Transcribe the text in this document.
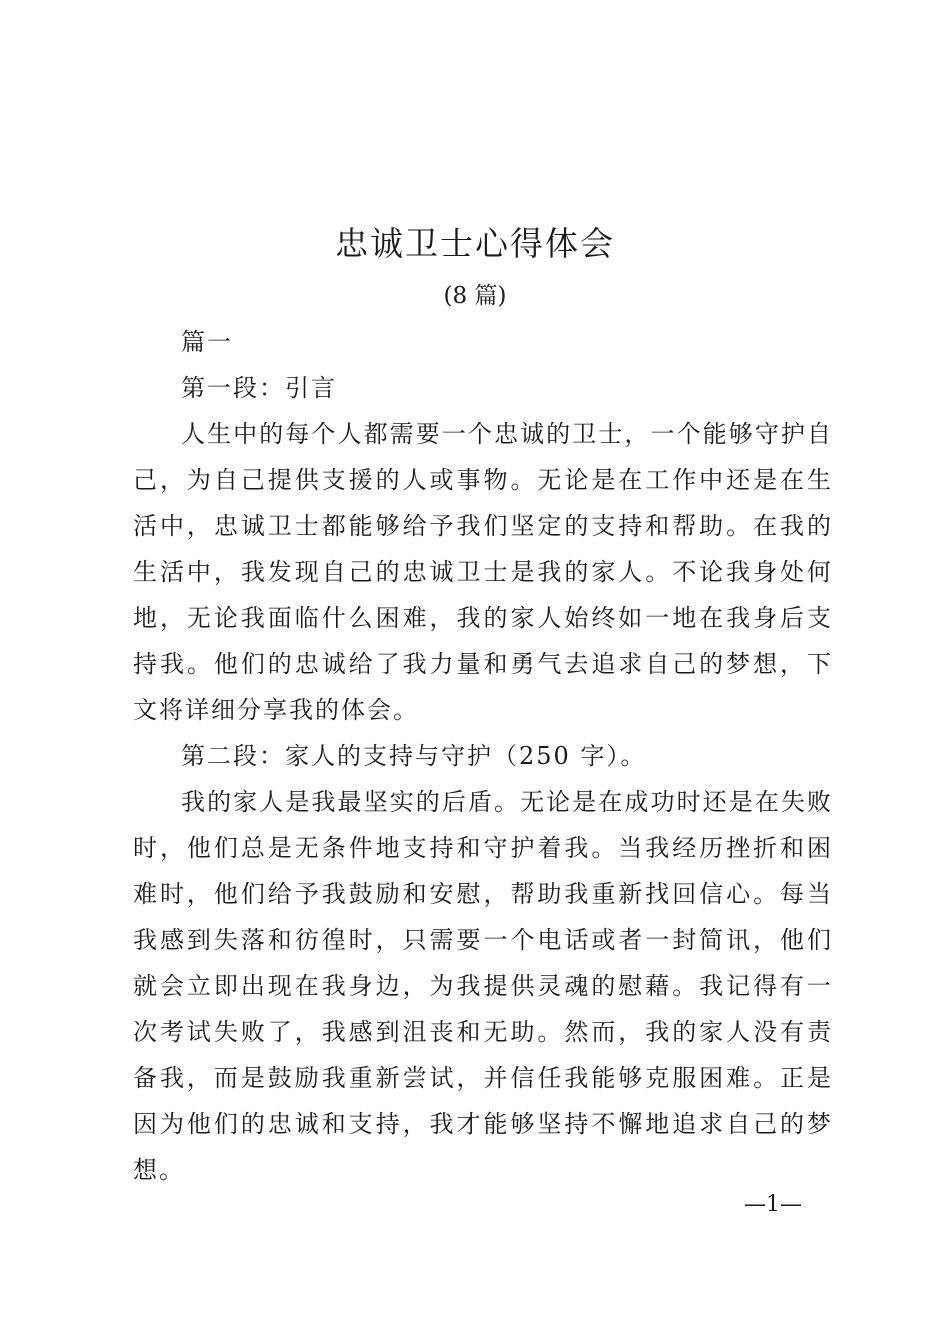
忠诚卫士心得体会
(8 篇)

篇一

第一段：引言

人生中的每个人都需要一个忠诚的卫士，一个能够守护自己，为自己提供支援的人或事物。无论是在工作中还是在生活中，忠诚卫士都能够给予我们坚定的支持和帮助。在我的生活中，我发现自己的忠诚卫士是我的家人。不论我身处何地，无论我面临什么困难，我的家人始终如一地在我身后支持我。他们的忠诚给了我力量和勇气去追求自己的梦想，下文将详细分享我的体会。

第二段：家人的支持与守护（250 字）。

我的家人是我最坚实的后盾。无论是在成功时还是在失败时，他们总是无条件地支持和守护着我。当我经历挫折和困难时，他们给予我鼓励和安慰，帮助我重新找回信心。每当我感到失落和彷徨时，只需要一个电话或者一封简讯，他们就会立即出现在我身边，为我提供灵魂的慰藉。我记得有一次考试失败了，我感到沮丧和无助。然而，我的家人没有责备我，而是鼓励我重新尝试，并信任我能够克服困难。正是因为他们的忠诚和支持，我才能够坚持不懈地追求自己的梦想。

—1—
